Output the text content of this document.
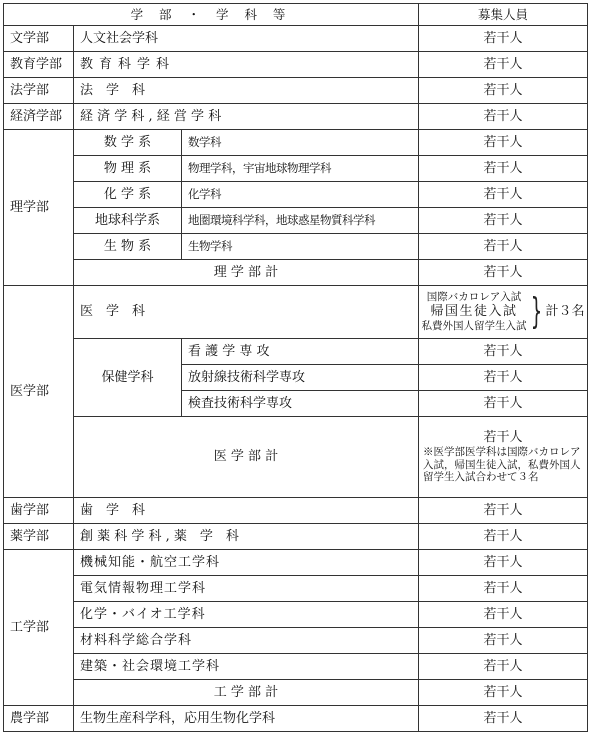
学 部 ・ 学 科 等			募集人員
文学部	人文社会学科		若干人
教育学部	教育科学科		若干人
法学部	法　学　科		若干人
経済学部	経 済 学 科 , 経 営 学 科		若干人
理学部	数 学 系	数学科	若干人
	物 理 系	物理学科，宇宙地球物理学科	若干人
	化 学 系	化学科	若干人
	地球科学系	地圏環境科学科，地球惑星物質科学科	若干人
	生 物 系	生物学科	若干人
	理 学 部 計		若干人
医学部	医　学　科		国際バカロレア入試
帰国生徒入試
私費外国人留学生入試 } 計３名

	保健学科	看 護 学 専 攻	若干人
		放射線技術科学専攻	若干人
		検査技術科学専攻	若干人
	医 学 部 計		若干人
※医学部医学科は国際バカロレア入試，帰国生徒入試，私費外国人留学生入試合わせて３名

歯学部	歯　学　科		若干人
薬学部	創 薬 科 学 科 , 薬　学　科		若干人
工学部	機械知能・航空工学科		若干人
	電気情報物理工学科		若干人
	化学・バイオ工学科		若干人
	材料科学総合学科		若干人
	建築・社会環境工学科		若干人
	工 学 部 計		若干人
農学部	生物生産科学科，応用生物化学科		若干人
